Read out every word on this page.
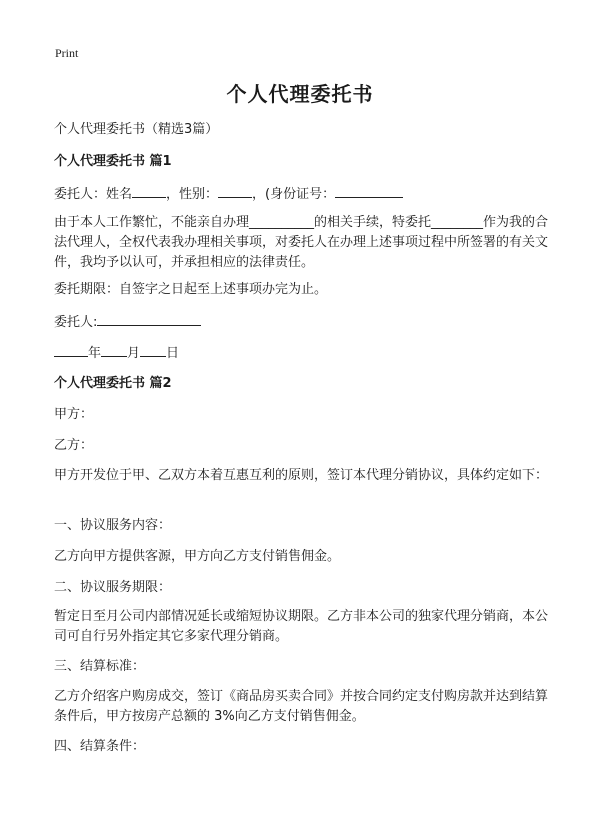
Print
个人代理委托书
个人代理委托书（精选3篇）
个人代理委托书 篇1
委托人：姓名	，性别：	，(身份证号：
由于本人工作繁忙，不能亲自办理__________的相关手续，特委托________作为我的合法代理人，全权代表我办理相关事项，对委托人在办理上述事项过程中所签署的有关文件，我均予以认可，并承担相应的法律责任。
委托期限：自签字之日起至上述事项办完为止。
委托人:
年 月 日
个人代理委托书 篇2
甲方：
乙方：
甲方开发位于甲、乙双方本着互惠互利的原则，签订本代理分销协议，具体约定如下：
一、协议服务内容：
乙方向甲方提供客源，甲方向乙方支付销售佣金。
二、协议服务期限：
暂定日至月公司内部情况延长或缩短协议期限。乙方非本公司的独家代理分销商，本公司可自行另外指定其它多家代理分销商。
三、结算标准：
乙方介绍客户购房成交，签订《商品房买卖合同》并按合同约定支付购房款并达到结算条件后，甲方按房产总额的 3%向乙方支付销售佣金。
四、结算条件：
